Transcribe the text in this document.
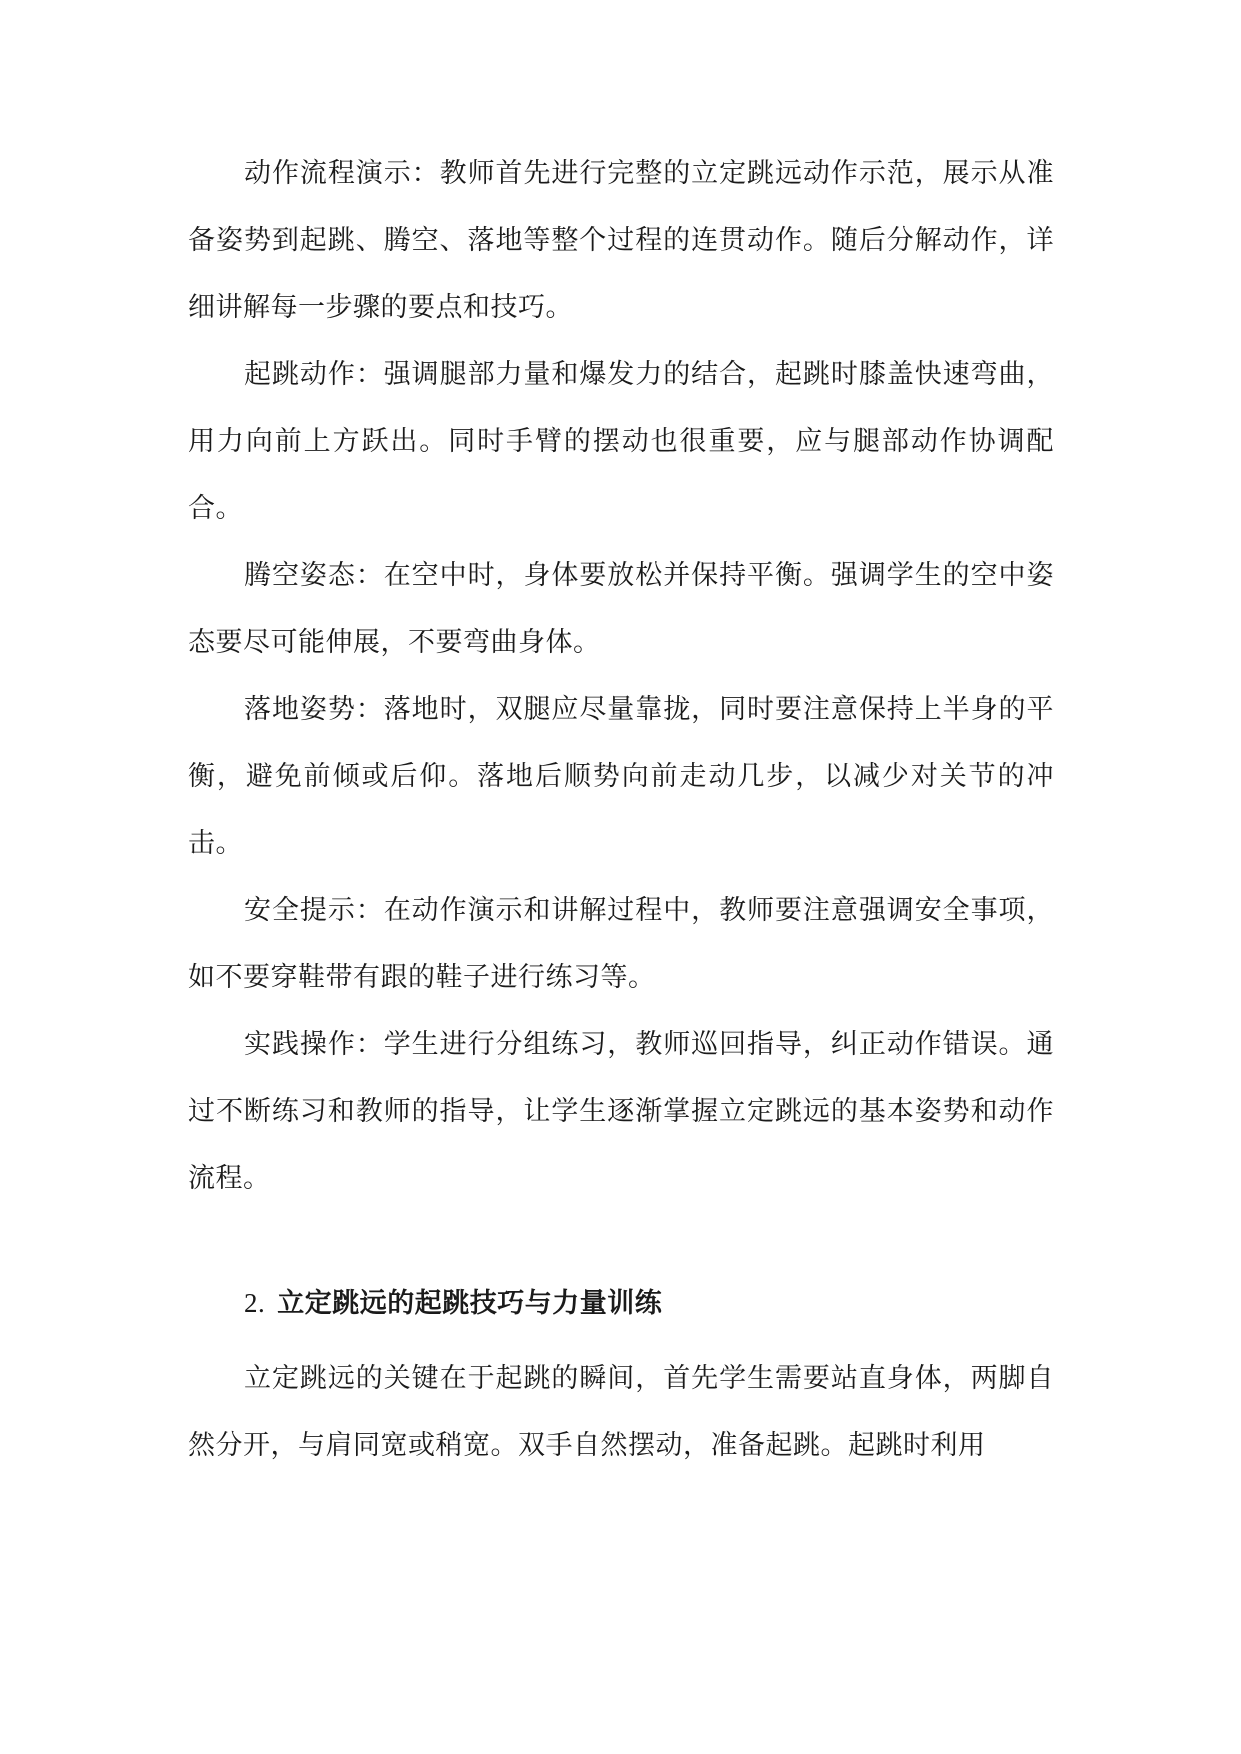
动作流程演示：教师首先进行完整的立定跳远动作示范，展示从准备姿势到起跳、腾空、落地等整个过程的连贯动作。随后分解动作，详细讲解每一步骤的要点和技巧。

起跳动作：强调腿部力量和爆发力的结合，起跳时膝盖快速弯曲，用力向前上方跃出。同时手臂的摆动也很重要，应与腿部动作协调配合。

腾空姿态：在空中时，身体要放松并保持平衡。强调学生的空中姿态要尽可能伸展，不要弯曲身体。

落地姿势：落地时，双腿应尽量靠拢，同时要注意保持上半身的平衡，避免前倾或后仰。落地后顺势向前走动几步，以减少对关节的冲击。

安全提示：在动作演示和讲解过程中，教师要注意强调安全事项，如不要穿鞋带有跟的鞋子进行练习等。

实践操作：学生进行分组练习，教师巡回指导，纠正动作错误。通过不断练习和教师的指导，让学生逐渐掌握立定跳远的基本姿势和动作流程。

2. 立定跳远的起跳技巧与力量训练

立定跳远的关键在于起跳的瞬间，首先学生需要站直身体，两脚自然分开，与肩同宽或稍宽。双手自然摆动，准备起跳。起跳时利用
